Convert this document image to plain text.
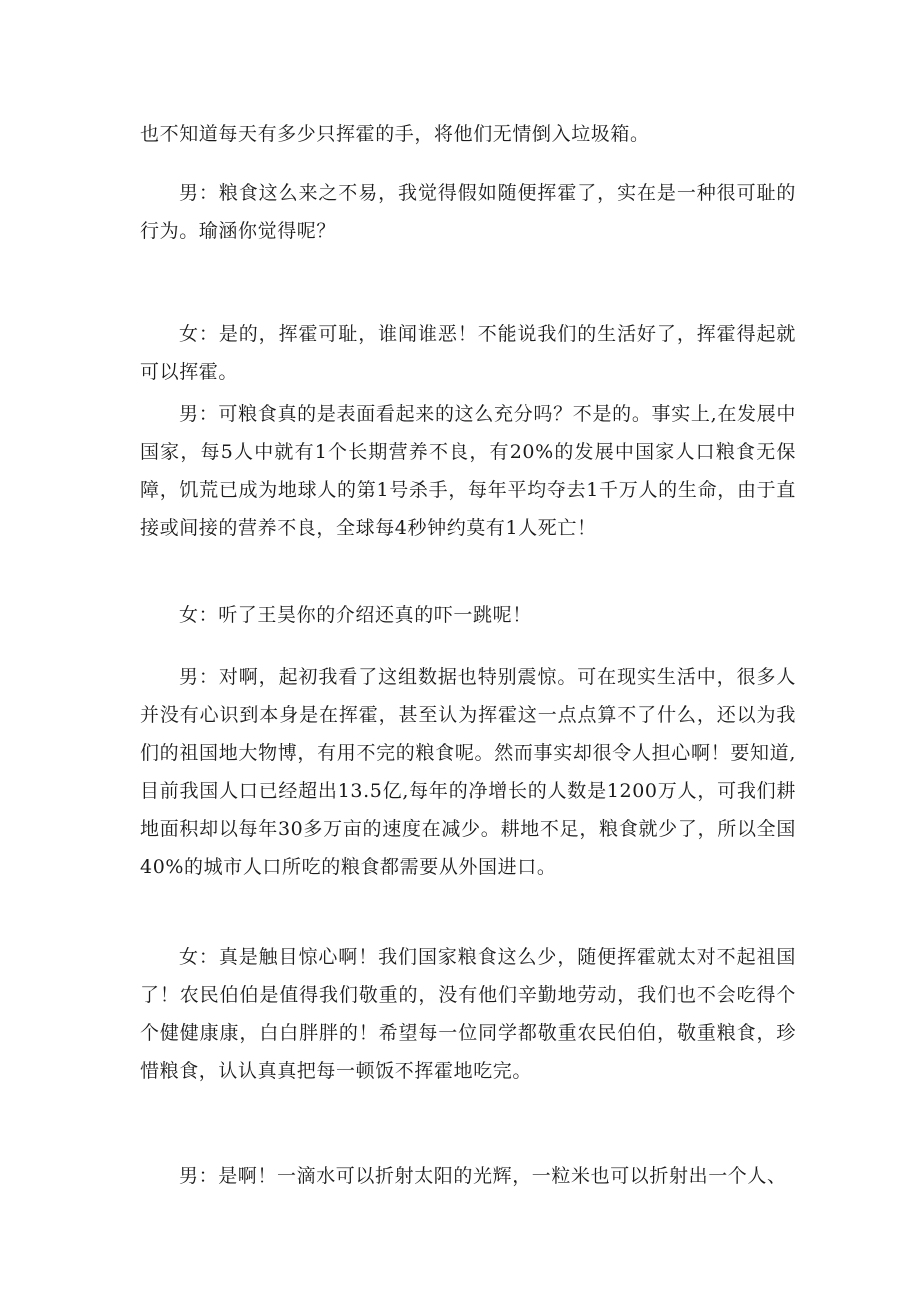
也不知道每天有多少只挥霍的手，将他们无情倒入垃圾箱。

男：粮食这么来之不易，我觉得假如随便挥霍了，实在是一种很可耻的行为。瑜涵你觉得呢？

女：是的，挥霍可耻，谁闻谁恶！不能说我们的生活好了，挥霍得起就可以挥霍。

男：可粮食真的是表面看起来的这么充分吗？不是的。事实上,在发展中国家，每5人中就有1个长期营养不良，有20%的发展中国家人口粮食无保障，饥荒已成为地球人的第1号杀手，每年平均夺去1千万人的生命，由于直接或间接的营养不良，全球每4秒钟约莫有1人死亡！

女：听了王昊你的介绍还真的吓一跳呢！

男：对啊，起初我看了这组数据也特别震惊。可在现实生活中，很多人并没有心识到本身是在挥霍，甚至认为挥霍这一点点算不了什么，还以为我们的祖国地大物博，有用不完的粮食呢。然而事实却很令人担心啊！要知道,目前我国人口已经超出13.5亿,每年的净增长的人数是1200万人，可我们耕地面积却以每年30多万亩的速度在减少。耕地不足，粮食就少了，所以全国40%的城市人口所吃的粮食都需要从外国进口。

女：真是触目惊心啊！我们国家粮食这么少，随便挥霍就太对不起祖国了！农民伯伯是值得我们敬重的，没有他们辛勤地劳动，我们也不会吃得个个健健康康，白白胖胖的！希望每一位同学都敬重农民伯伯，敬重粮食，珍惜粮食，认认真真把每一顿饭不挥霍地吃完。

男：是啊！一滴水可以折射太阳的光辉，一粒米也可以折射出一个人、
